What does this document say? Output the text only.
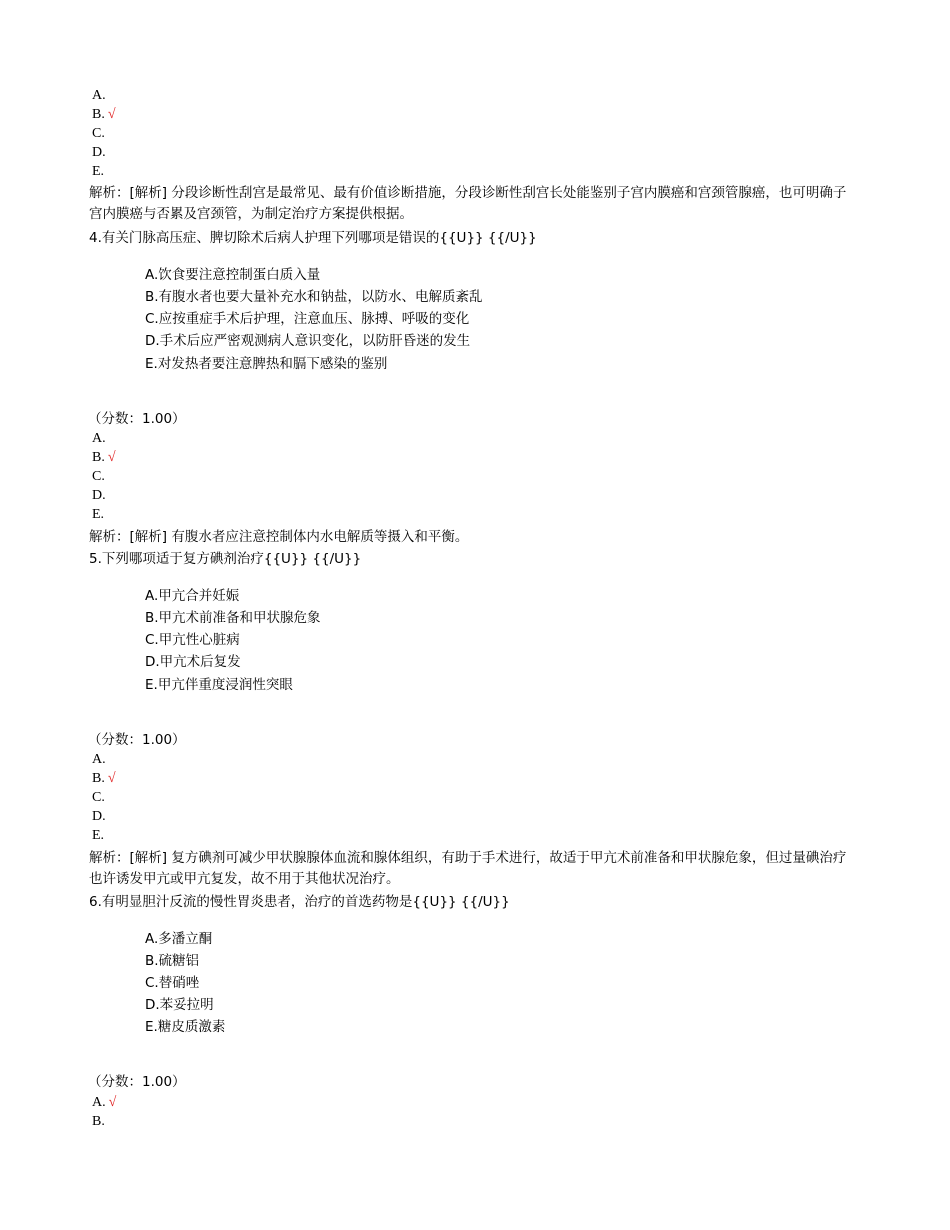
A.
B. √
C.
D.
E.
解析：[解析] 分段诊断性刮宫是最常见、最有价值诊断措施，分段诊断性刮宫长处能鉴别子宫内膜癌和宫颈管腺癌，也可明确子宫内膜癌与否累及宫颈管，为制定治疗方案提供根据。
4.有关门脉高压症、脾切除术后病人护理下列哪项是错误的{{U}} {{/U}}
A.饮食要注意控制蛋白质入量
B.有腹水者也要大量补充水和钠盐，以防水、电解质紊乱
C.应按重症手术后护理，注意血压、脉搏、呼吸的变化
D.手术后应严密观测病人意识变化，以防肝昏迷的发生
E.对发热者要注意脾热和膈下感染的鉴别
（分数：1.00）
A.
B. √
C.
D.
E.
解析：[解析] 有腹水者应注意控制体内水电解质等摄入和平衡。
5.下列哪项适于复方碘剂治疗{{U}} {{/U}}
A.甲亢合并妊娠
B.甲亢术前准备和甲状腺危象
C.甲亢性心脏病
D.甲亢术后复发
E.甲亢伴重度浸润性突眼
（分数：1.00）
A.
B. √
C.
D.
E.
解析：[解析] 复方碘剂可减少甲状腺腺体血流和腺体组织，有助于手术进行，故适于甲亢术前准备和甲状腺危象，但过量碘治疗也许诱发甲亢或甲亢复发，故不用于其他状况治疗。
6.有明显胆汁反流的慢性胃炎患者，治疗的首选药物是{{U}} {{/U}}
A.多潘立酮
B.硫糖铝
C.替硝唑
D.苯妥拉明
E.糖皮质激素
（分数：1.00）
A. √
B.
